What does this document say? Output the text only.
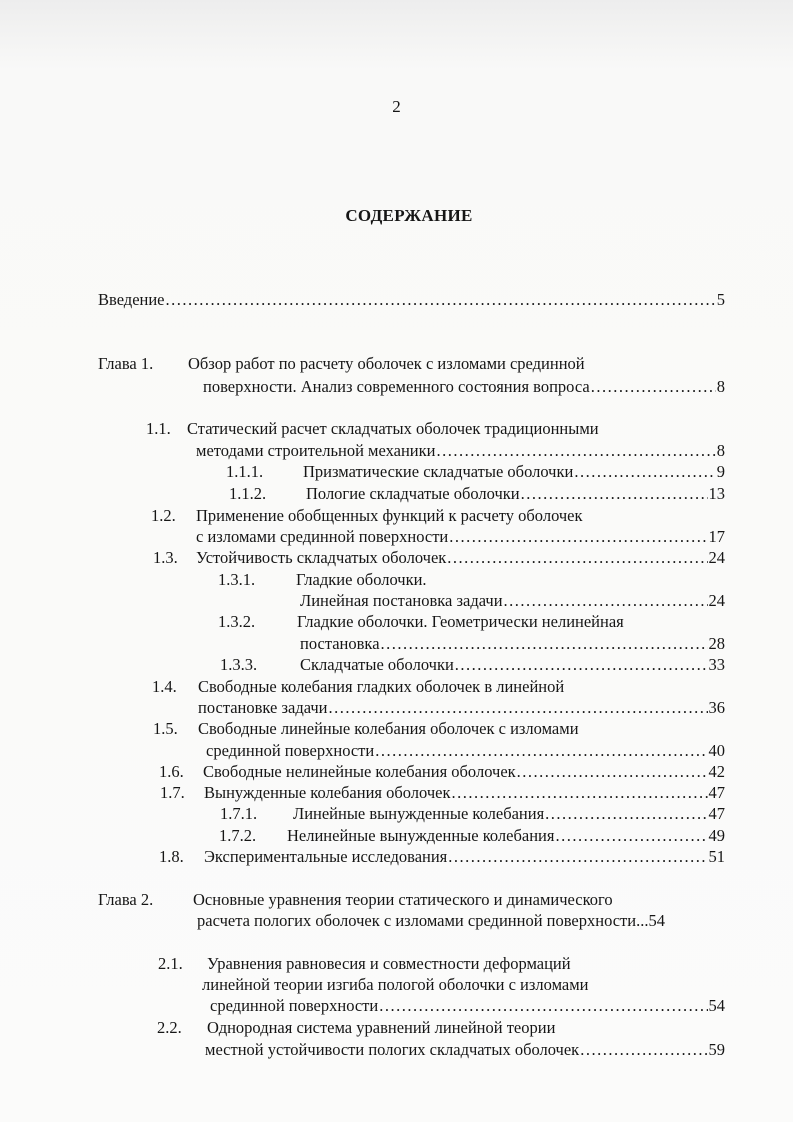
2
СОДЕРЖАНИЕ
Введение .....	5
Глава 1. Обзор работ по расчету оболочек с изломами срединной
поверхности. Анализ современного состояния вопроса .....	8
1.1. Статический расчет складчатых оболочек традиционными
методами строительной механики .....	8
1.1.1. Призматические складчатые оболочки .....	9
1.1.2. Пологие складчатые оболочки .....	13
1.2. Применение обобщенных функций к расчету оболочек
с изломами срединной поверхности .....	17
1.3. Устойчивость складчатых оболочек .....	24
1.3.1. Гладкие оболочки.
Линейная постановка задачи .....	24
1.3.2.	Гладкие оболочки. Геометрически нелинейная
постановка .....	28
1.3.3.	Складчатые оболочки .....	33
1.4. Свободные колебания гладких оболочек в линейной
постановке задачи .....	36
1.5. Свободные линейные колебания оболочек с изломами
срединной поверхности .....	40
1.6. Свободные нелинейные колебания оболочек .....	42
1.7. Вынужденные колебания оболочек .....	47
1.7.1. Линейные вынужденные колебания .....	47
1.7.2. Нелинейные вынужденные колебания .....	49
1.8. Экспериментальные исследования .....	51
Глава 2. Основные уравнения теории статического и динамического
расчета пологих оболочек с изломами срединной поверхности...54
2.1. Уравнения равновесия и совместности деформаций
линейной теории изгиба пологой оболочки с изломами
срединной поверхности .....	54
2.2. Однородная система уравнений линейной теории
местной устойчивости пологих складчатых оболочек .....	59
